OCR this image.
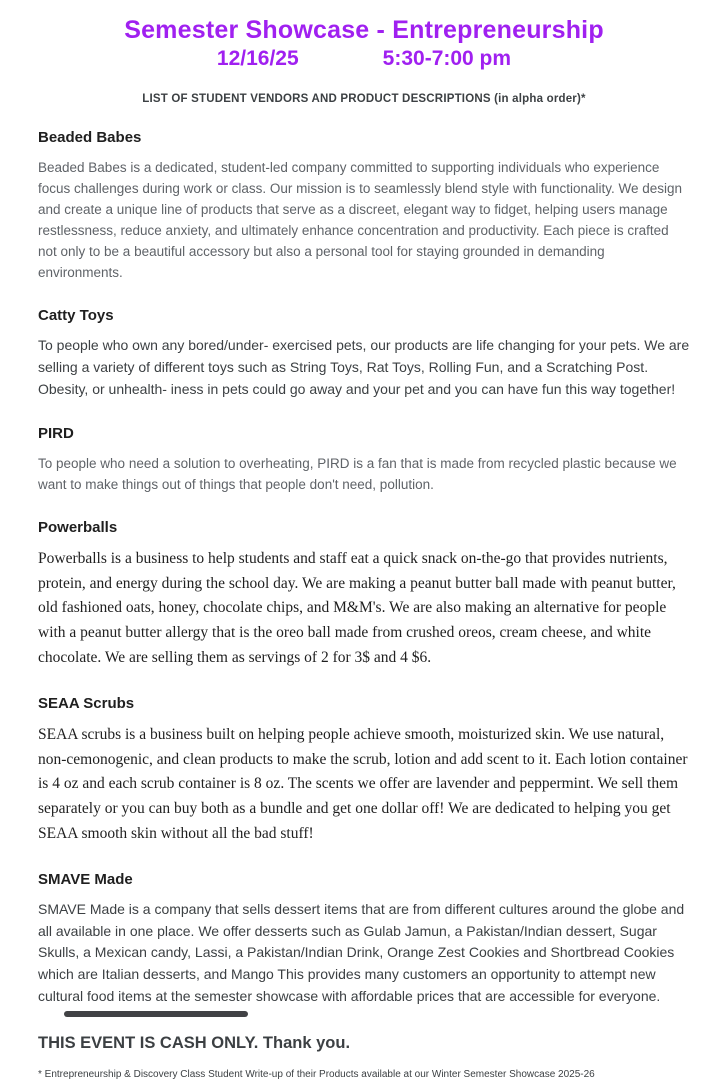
Semester Showcase - Entrepreneurship
12/16/25	5:30-7:00 pm
LIST OF STUDENT VENDORS AND PRODUCT DESCRIPTIONS (in alpha order)*
Beaded Babes

Beaded Babes is a dedicated, student-led company committed to supporting individuals who experience focus challenges during work or class. Our mission is to seamlessly blend style with functionality. We design and create a unique line of products that serve as a discreet, elegant way to fidget, helping users manage restlessness, reduce anxiety, and ultimately enhance concentration and productivity. Each piece is crafted not only to be a beautiful accessory but also a personal tool for staying grounded in demanding environments.

Catty Toys

To people who own any bored/under- exercised pets, our products are life changing for your pets. We are selling a variety of different toys such as String Toys, Rat Toys, Rolling Fun, and a Scratching Post. Obesity, or unhealth- iness in pets could go away and your pet and you can have fun this way together!

PIRD

To people who need a solution to overheating, PIRD is a fan that is made from recycled plastic because we want to make things out of things that people don't need, pollution.

Powerballs

Powerballs is a business to help students and staff eat a quick snack on-the-go that provides nutrients, protein, and energy during the school day. We are making a peanut butter ball made with peanut butter, old fashioned oats, honey, chocolate chips, and M&M's. We are also making an alternative for people with a peanut butter allergy that is the oreo ball made from crushed oreos, cream cheese, and white chocolate. We are selling them as servings of 2 for 3$ and 4 $6.

SEAA Scrubs

SEAA scrubs is a business built on helping people achieve smooth, moisturized skin. We use natural, non-cemonogenic, and clean products to make the scrub, lotion and add scent to it. Each lotion container is 4 oz and each scrub container is 8 oz. The scents we offer are lavender and peppermint. We sell them separately or you can buy both as a bundle and get one dollar off! We are dedicated to helping you get SEAA smooth skin without all the bad stuff!

SMAVE Made

SMAVE Made is a company that sells dessert items that are from different cultures around the globe and all available in one place. We offer desserts such as Gulab Jamun, a Pakistan/Indian dessert, Sugar Skulls, a Mexican candy, Lassi, a Pakistan/Indian Drink, Orange Zest Cookies and Shortbread Cookies which are Italian desserts, and Mango This provides many customers an opportunity to attempt new cultural food items at the semester showcase with affordable prices that are accessible for everyone.

THIS EVENT IS CASH ONLY. Thank you.

* Entrepreneurship & Discovery Class Student Write-up of their Products available at our Winter Semester Showcase 2025-26
